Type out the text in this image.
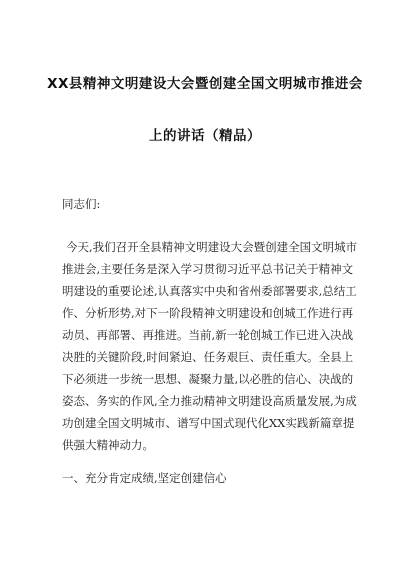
XX县精神文明建设大会暨创建全国文明城市推进会
上的讲话（精品）
同志们:
今天,我们召开全县精神文明建设大会暨创建全国文明城市
推进会,主要任务是深入学习贯彻习近平总书记关于精神文
明建设的重要论述,认真落实中央和省州委部署要求,总结工
作、分析形势,对下一阶段精神文明建设和创城工作进行再
动员、再部署、再推进。当前,新一轮创城工作已进入决战
决胜的关键阶段,时间紧迫、任务艰巨、责任重大。全县上
下必须进一步统一思想、凝聚力量,以必胜的信心、决战的
姿态、务实的作风,全力推动精神文明建设高质量发展,为成
功创建全国文明城市、谱写中国式现代化XX实践新篇章提
供强大精神动力。
一、充分肯定成绩,坚定创建信心
